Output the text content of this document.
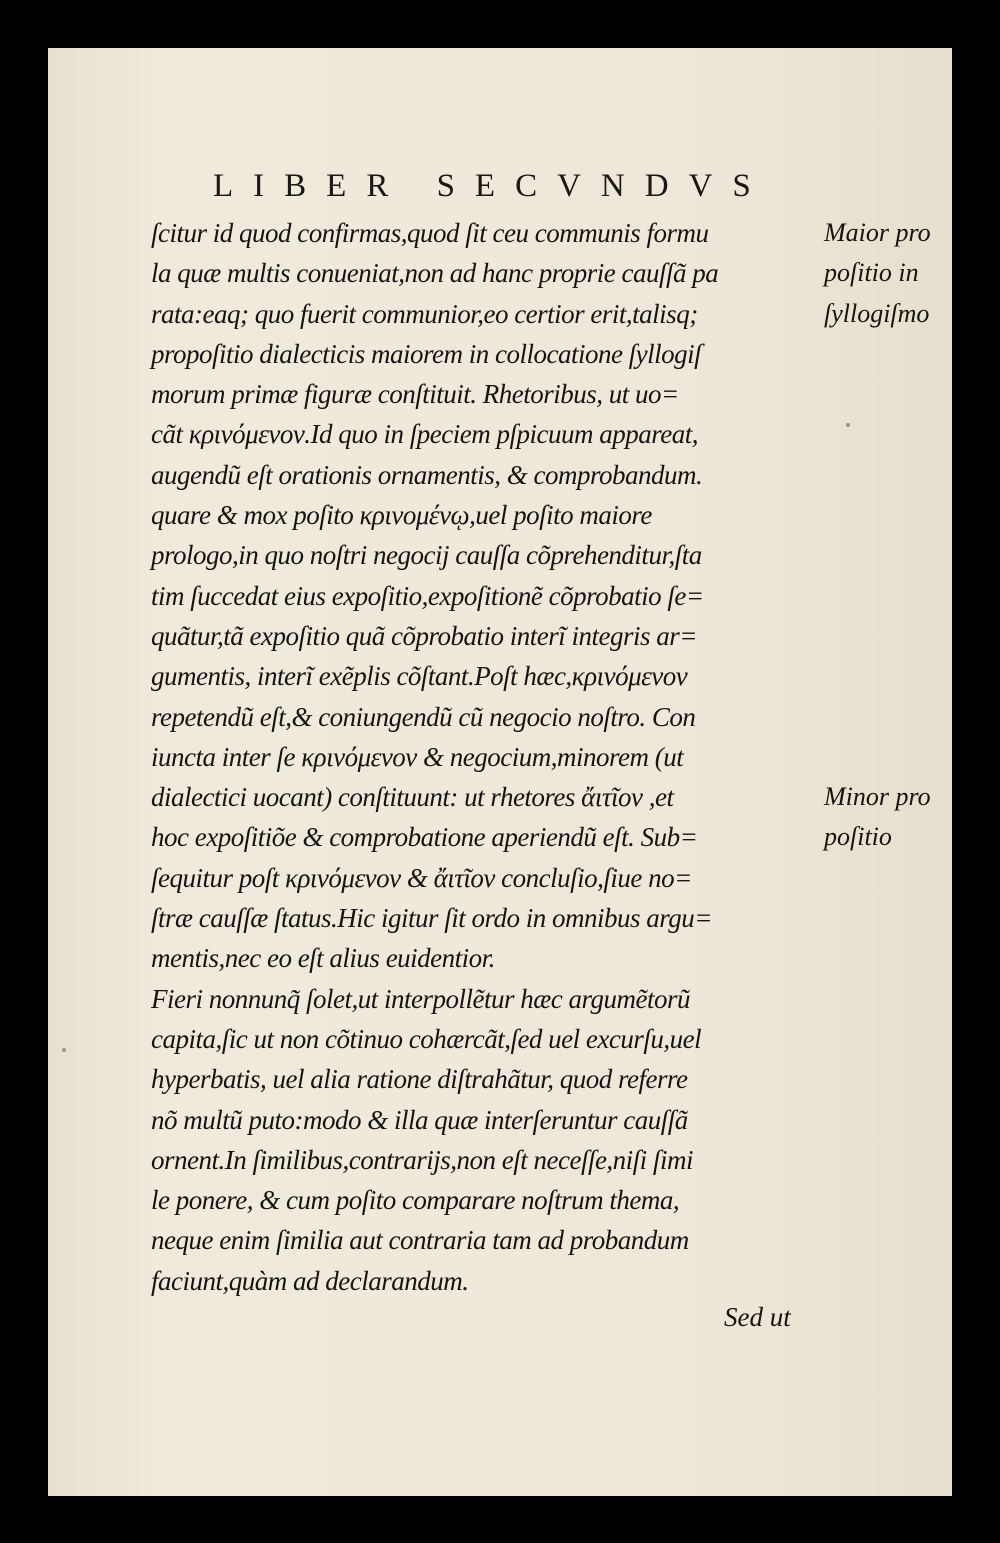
LIBER SECVNDVS
ſcitur id quod confirmas,quod ſit ceu communis formu
la quæ multis conueniat,non ad hanc proprie cauſſã pa
rata:eaq; quo fuerit communior,eo certior erit,talisq;
propoſitio dialecticis maiorem in collocatione ſyllogiſ
morum primæ figuræ conſtituit. Rhetoribus, ut uo=
cãt κρινόμενον.Id quo in ſpeciem pſpicuum appareat,
augendũ eſt orationis ornamentis, & comprobandum.
quare & mox poſito κρινομένῳ,uel poſito maiore
prologo,in quo noſtri negocij cauſſa cõprehenditur,ſta
tim ſuccedat eius expoſitio,expoſitionẽ cõprobatio ſe=
quãtur,tã expoſitio quã cõprobatio interĩ integris ar=
gumentis, interĩ exẽplis cõſtant.Poſt hæc,κρινόμενον
repetendũ eſt,& coniungendũ cũ negocio noſtro. Con
iuncta inter ſe κρινόμενον & negocium,minorem (ut
dialectici uocant) conſtituunt: ut rhetores ἄιτῖον ,et
hoc expoſitiõe & comprobatione aperiendũ eſt. Sub=
ſequitur poſt κρινόμενον & ἄιτῖον concluſio,ſiue no=
ſtræ cauſſæ ſtatus.Hic igitur ſit ordo in omnibus argu=
mentis,nec eo eſt alius euidentior.
Fieri nonnunq̃ ſolet,ut interpollẽtur hæc argumẽtorũ
capita,ſic ut non cõtinuo cohærcãt,ſed uel excurſu,uel
hyperbatis, uel alia ratione diſtrahãtur, quod referre
nõ multũ puto:modo & illa quæ interſeruntur cauſſã
ornent.In ſimilibus,contrarijs,non eſt neceſſe,niſi ſimi
le ponere, & cum poſito comparare noſtrum thema,
neque enim ſimilia aut contraria tam ad probandum
faciunt,quàm ad declarandum.
Maior pro
poſitio in
ſyllogiſmo
Minor pro
poſitio
Sed ut
